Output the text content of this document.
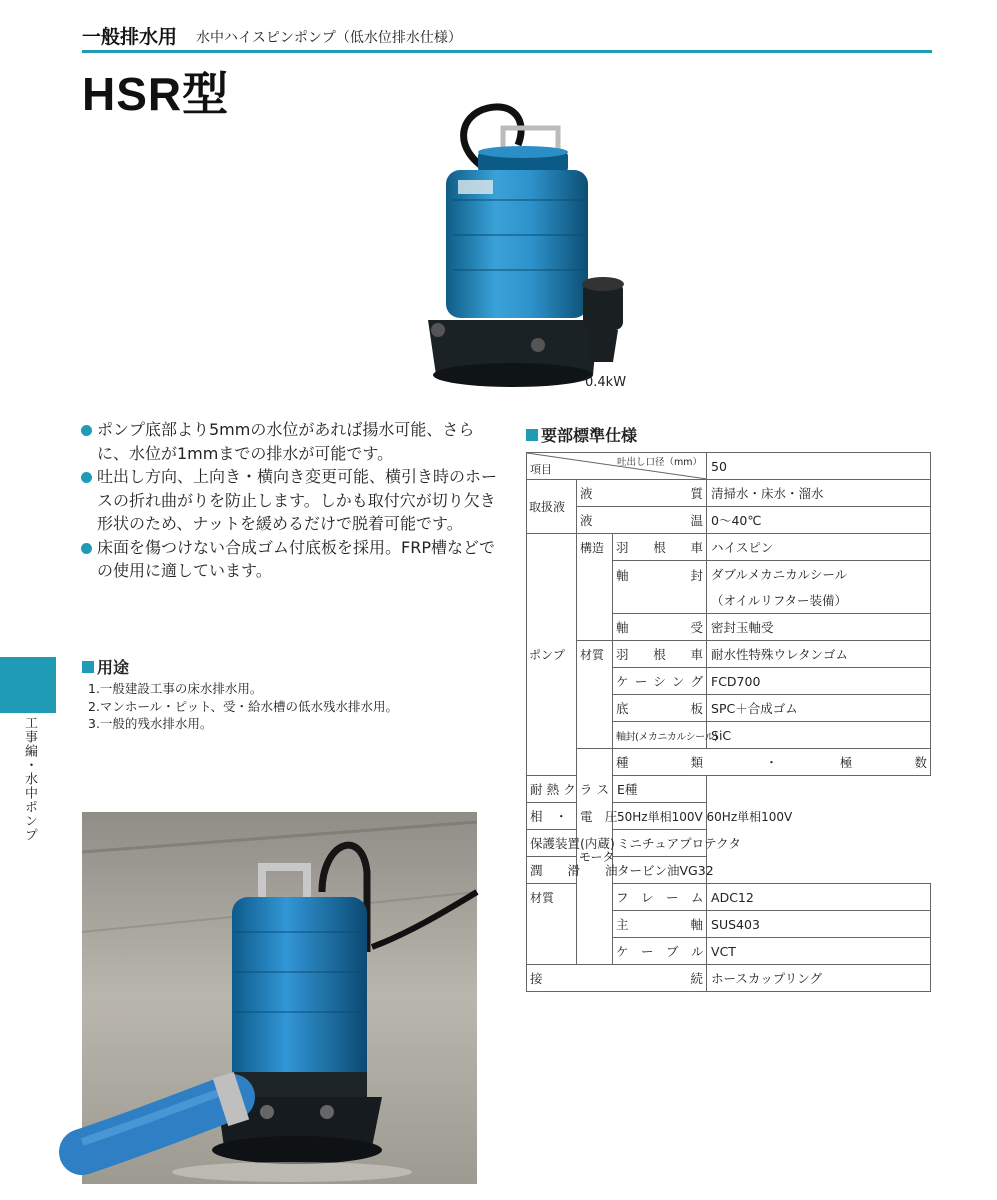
一般排水用 水中ハイスピンポンプ（低水位排水仕様）
HSR型
0.4kW
ポンプ底部より5mmの水位があれば揚水可能、さらに、水位が1mmまでの排水が可能です。
吐出し方向、上向き・横向き変更可能、横引き時のホースの折れ曲がりを防止します。しかも取付穴が切り欠き形状のため、ナットを緩めるだけで脱着可能です。
床面を傷つけない合成ゴム付底板を採用。FRP槽などでの使用に適しています。
用途
1.一般建設工事の床水排水用。
2.マンホール・ピット、受・給水槽の低水残水排水用。
3.一般的残水排水用。
工事編・水中ポンプ
要部標準仕様
吐出し口径（mm）
項目			50	
取扱液	液　　　質		清掃水・床水・溜水	
	液　　　温		0～40℃	
ポンプ	構造	羽　根　車	ハイスピン	
		軸　　　封	ダブルメカニカルシール	
			（オイルリフター装備）	
		軸　　　受	密封玉軸受	
	材質	羽　根　車	耐水性特殊ウレタンゴム	
		ケーシング	FCD700	
		底　　　板	SPC＋合成ゴム	
		軸封(メカニカルシール)	SiC	
	モータ	種 類 ・ 極 数	
耐 熱 ク ラ ス		E種		
相　・　電　圧		50Hz単相100V 60Hz単相100V		
保護装置(内蔵)		ミニチュアプロテクタ		
潤　　滑　　油		タービン油VG32		
材質		フ　レ　ー　ム	ADC12	
		主　　　軸	SUS403	
		ケ　ー　ブ　ル	VCT	
接　　　　続			ホースカップリング	
